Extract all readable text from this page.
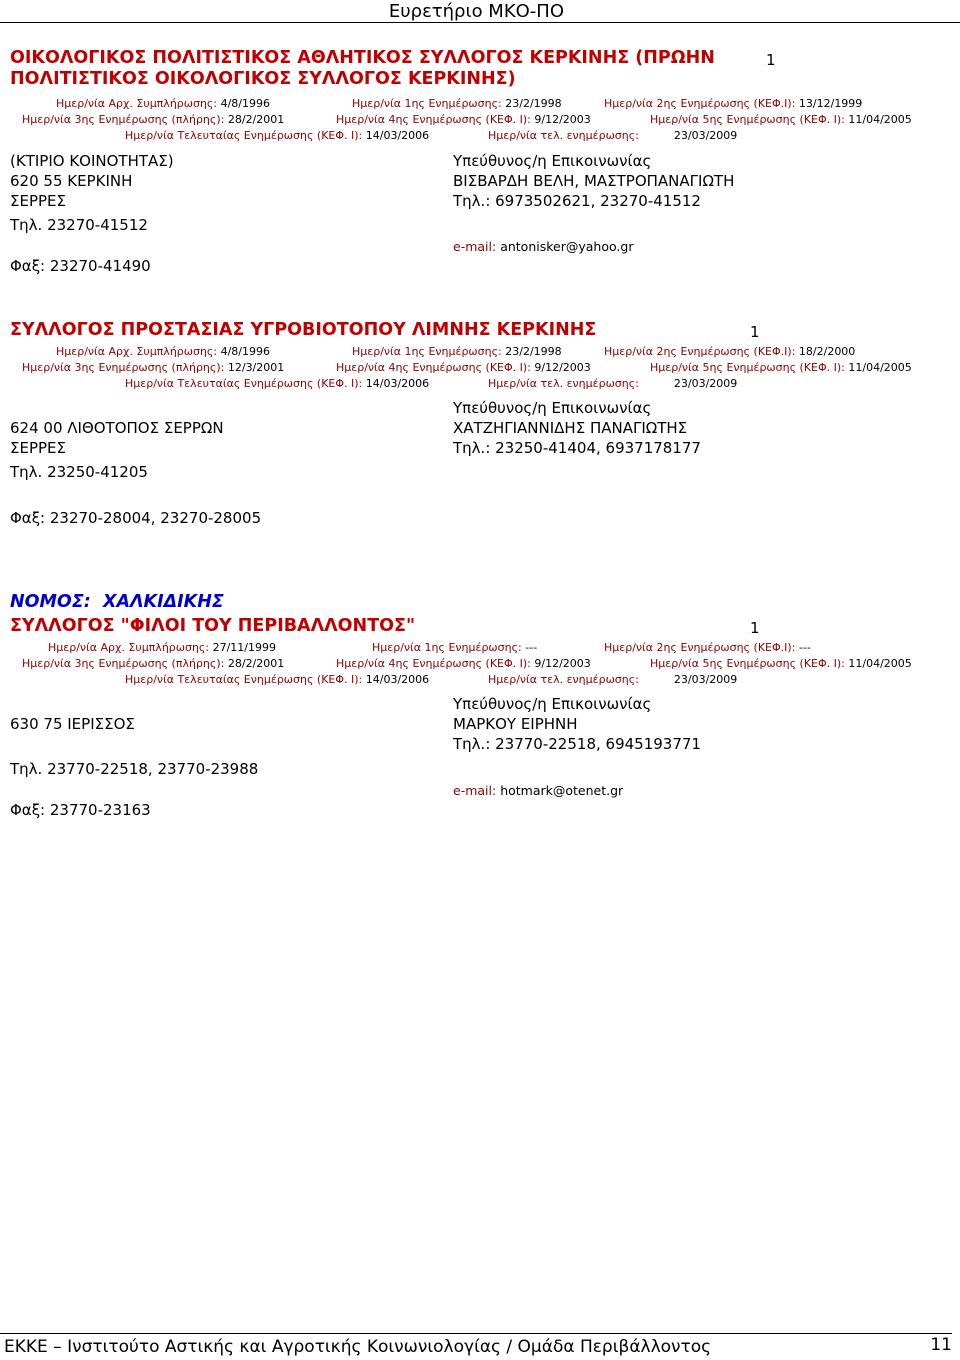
Ευρετήριο ΜΚΟ-ΠΟ
ΟΙΚΟΛΟΓΙΚΟΣ ΠΟΛΙΤΙΣΤΙΚΟΣ ΑΘΛΗΤΙΚΟΣ ΣΥΛΛΟΓΟΣ ΚΕΡΚΙΝΗΣ (ΠΡΩΗΝ
ΠΟΛΙΤΙΣΤΙΚΟΣ ΟΙΚΟΛΟΓΙΚΟΣ ΣΥΛΛΟΓΟΣ ΚΕΡΚΙΝΗΣ)
1
Ημερ/νία Αρχ. Συμπλήρωσης: 4/8/1996	Ημερ/νία 1ης Ενημέρωσης: 23/2/1998	Ημερ/νία 2ης Ενημέρωσης (ΚΕΦ.Ι): 13/12/1999
Ημερ/νία 3ης Ενημέρωσης (πλήρης): 28/2/2001	Ημερ/νία 4ης Ενημέρωσης (ΚΕΦ. Ι): 9/12/2003	Ημερ/νία 5ης Ενημέρωσης (ΚΕΦ. Ι): 11/04/2005
Ημερ/νία Τελευταίας Ενημέρωσης (ΚΕΦ. Ι): 14/03/2006	Ημερ/νία τελ. ενημέρωσης:	23/03/2009
(ΚΤΙΡΙΟ ΚΟΙΝΟΤΗΤΑΣ)
620 55 ΚΕΡΚΙΝΗ
ΣΕΡΡΕΣ
Τηλ. 23270-41512
Φαξ: 23270-41490
Υπεύθυνος/η Επικοινωνίας
ΒΙΣΒΑΡΔΗ ΒΕΛΗ, ΜΑΣΤΡΟΠΑΝΑΓΙΩΤΗ
Τηλ.: 6973502621, 23270-41512
e-mail: antonisker@yahoo.gr
ΣΥΛΛΟΓΟΣ ΠΡΟΣΤΑΣΙΑΣ ΥΓΡΟΒΙΟΤΟΠΟΥ ΛΙΜΝΗΣ ΚΕΡΚΙΝΗΣ	1
Ημερ/νία Αρχ. Συμπλήρωσης: 4/8/1996	Ημερ/νία 1ης Ενημέρωσης: 23/2/1998	Ημερ/νία 2ης Ενημέρωσης (ΚΕΦ.Ι): 18/2/2000
Ημερ/νία 3ης Ενημέρωσης (πλήρης): 12/3/2001	Ημερ/νία 4ης Ενημέρωσης (ΚΕΦ. Ι): 9/12/2003	Ημερ/νία 5ης Ενημέρωσης (ΚΕΦ. Ι): 11/04/2005
Ημερ/νία Τελευταίας Ενημέρωσης (ΚΕΦ. Ι): 14/03/2006	Ημερ/νία τελ. ενημέρωσης:	23/03/2009
Υπεύθυνος/η Επικοινωνίας
624 00 ΛΙΘΟΤΟΠΟΣ ΣΕΡΡΩΝ	ΧΑΤΖΗΓΙΑΝΝΙΔΗΣ ΠΑΝΑΓΙΩΤΗΣ
ΣΕΡΡΕΣ	Τηλ.: 23250-41404, 6937178177
Τηλ. 23250-41205
Φαξ: 23270-28004, 23270-28005
ΝΟΜΟΣ: ΧΑΛΚΙΔΙΚΗΣ
ΣΥΛΛΟΓΟΣ "ΦΙΛΟΙ ΤΟΥ ΠΕΡΙΒΑΛΛΟΝΤΟΣ"	1
Ημερ/νία Αρχ. Συμπλήρωσης: 27/11/1999	Ημερ/νία 1ης Ενημέρωσης: ---	Ημερ/νία 2ης Ενημέρωσης (ΚΕΦ.Ι): ---
Ημερ/νία 3ης Ενημέρωσης (πλήρης): 28/2/2001	Ημερ/νία 4ης Ενημέρωσης (ΚΕΦ. Ι): 9/12/2003	Ημερ/νία 5ης Ενημέρωσης (ΚΕΦ. Ι): 11/04/2005
Ημερ/νία Τελευταίας Ενημέρωσης (ΚΕΦ. Ι): 14/03/2006	Ημερ/νία τελ. ενημέρωσης:	23/03/2009
Υπεύθυνος/η Επικοινωνίας
630 75 ΙΕΡΙΣΣΟΣ	ΜΑΡΚΟΥ ΕΙΡΗΝΗ
Τηλ.: 23770-22518, 6945193771
Τηλ. 23770-22518, 23770-23988
e-mail: hotmark@otenet.gr
Φαξ: 23770-23163
ΕΚΚΕ – Ινστιτούτο Αστικής και Αγροτικής Κοινωνιολογίας / Ομάδα Περιβάλλοντος	11
